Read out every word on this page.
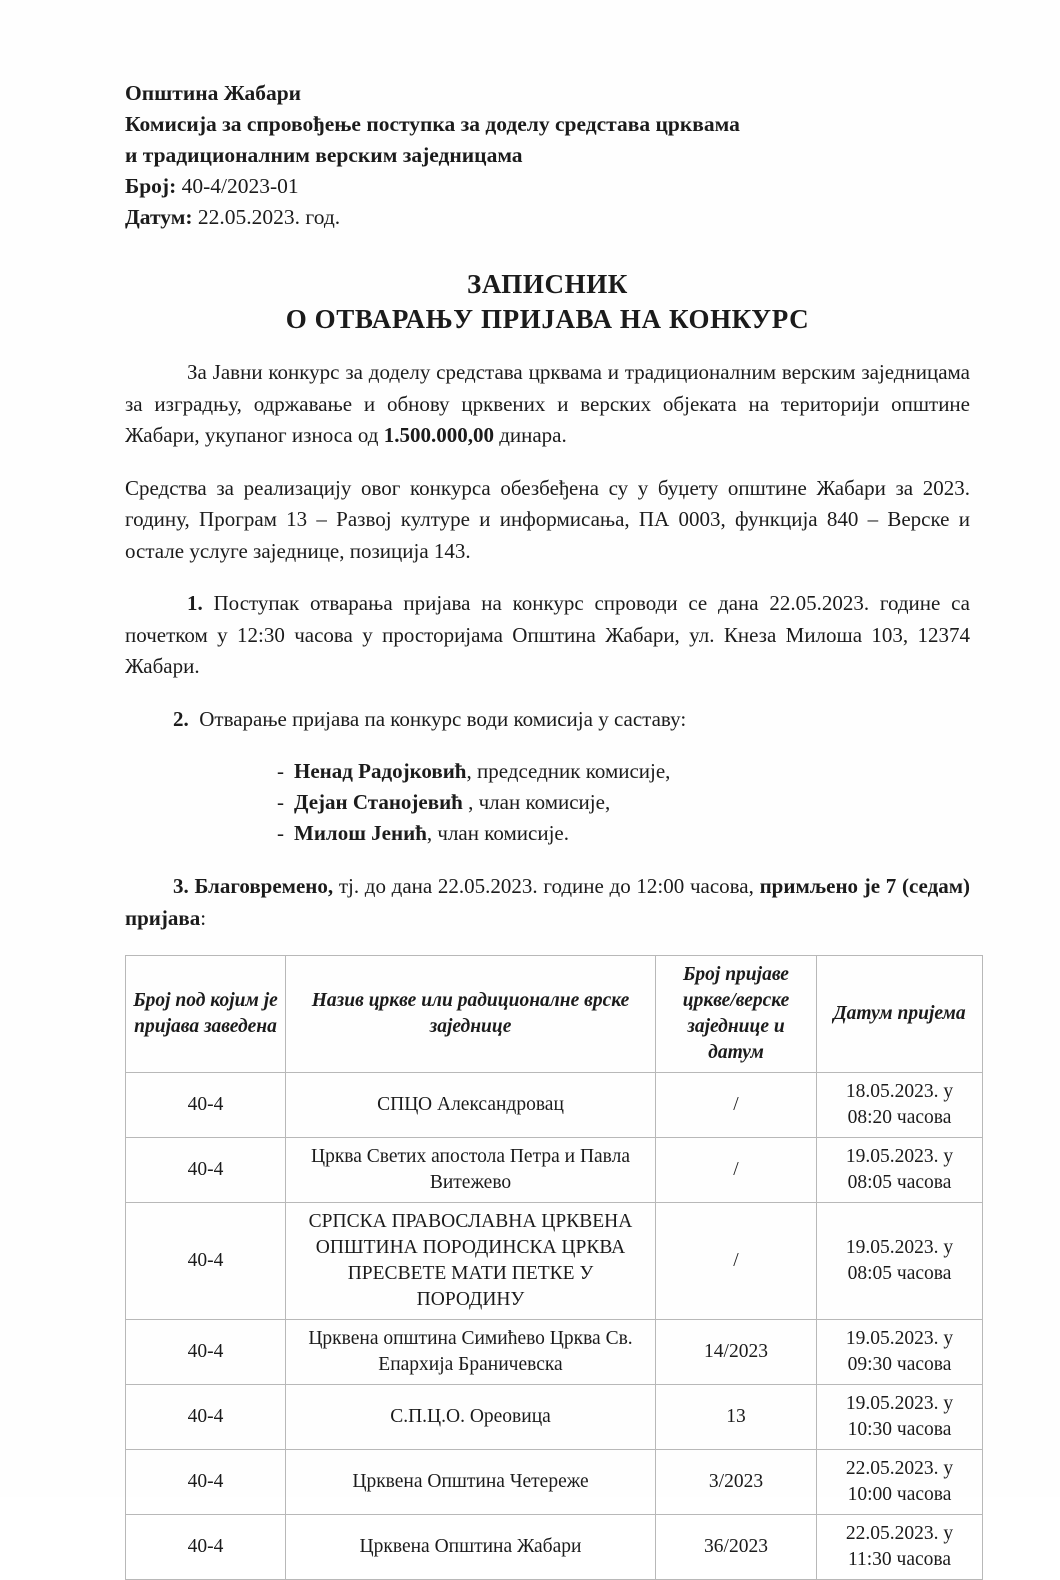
Општина Жабари
Комисија за спровођење поступка за доделу средстава црквама
и традиционалним верским заједницама
Број: 40-4/2023-01
Датум: 22.05.2023. год.
ЗАПИСНИК
О ОТВАРАЊУ ПРИЈАВА НА КОНКУРС

За Јавни конкурс за доделу средстава црквама и традиционалним верским заједницама за изградњу, одржавање и обнову црквених и верских објеката на територији општине Жабари, укупаног износа од 1.500.000,00 динара.

Средства за реализацију овог конкурса обезбеђена су у буџету општине Жабари за 2023. годину, Програм 13 – Развој културе и информисања, ПА 0003, функција 840 – Верске и остале услуге заједнице, позиција 143.

1. Поступак отварања пријава на конкурс спроводи се дана 22.05.2023. године са почетком у 12:30 часова у просторијама Општина Жабари, ул. Кнеза Милоша 103, 12374 Жабари.

2. Отварање пријава па конкурс води комисија у саставу:

- Ненад Радојковић, председник комисије,
- Дејан Станојевић , члан комисије,
- Милош Јенић, члан комисије.

3. Благовремено, тј. до дана 22.05.2023. године до 12:00 часова, примљено је 7 (седам) пријава:

Број под којим је пријава заведена	Назив цркве или радиционалне врске заједнице	Број пријаве цркве/верске заједнице и датум	Датум пријема
40-4	СПЦО Александровац	/	18.05.2023. у 08:20 часова
40-4	Црква Светих апостола Петра и Павла Витежево	/	19.05.2023. у 08:05 часова
40-4	СРПСКА ПРАВОСЛАВНА ЦРКВЕНА ОПШТИНА ПОРОДИНСКА ЦРКВА ПРЕСВЕТЕ МАТИ ПЕТКЕ У ПОРОДИНУ	/	19.05.2023. у 08:05 часова
40-4	Црквена општина Симићево Црква Св. Епархија Браничевска	14/2023	19.05.2023. у 09:30 часова
40-4	С.П.Ц.О. Ореовица	13	19.05.2023. у 10:30 часова
40-4	Црквена Општина Четереже	3/2023	22.05.2023. у 10:00 часова
40-4	Црквена Општина Жабари	36/2023	22.05.2023. у 11:30 часова
